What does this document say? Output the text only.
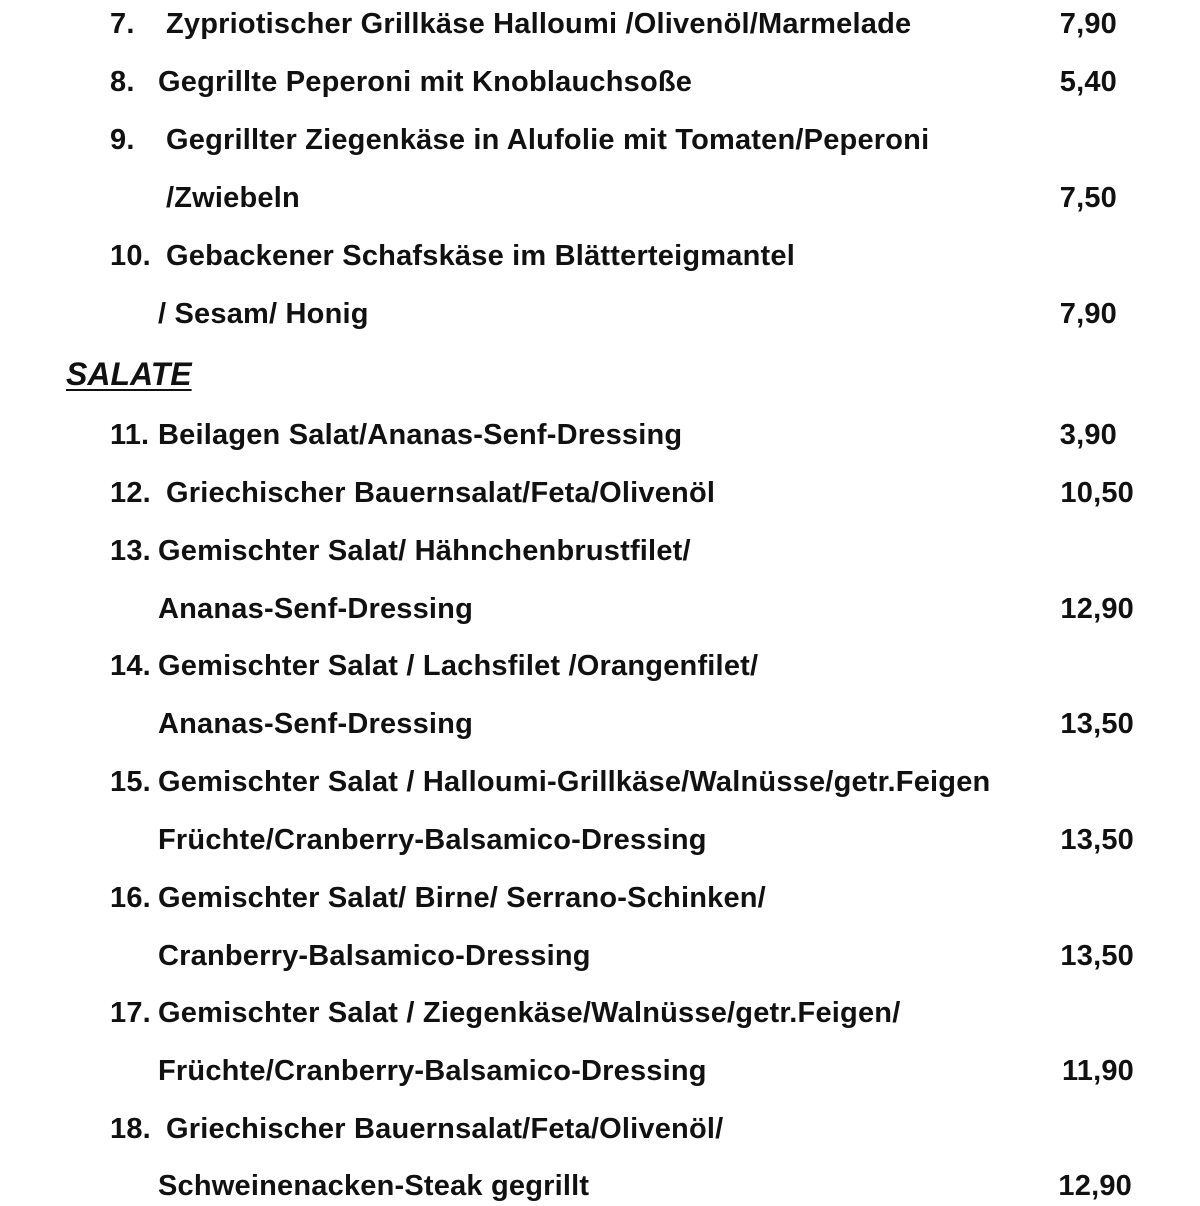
7. Zypriotischer Grillkäse Halloumi /Olivenöl/Marmelade	7,90
8. Gegrillte Peperoni mit Knoblauchsoße	5,40
9. Gegrillter Ziegenkäse in Alufolie mit Tomaten/Peperoni
/Zwiebeln	7,50
10. Gebackener Schafskäse im Blätterteigmantel
/ Sesam/ Honig	7,90
SALATE
11. Beilagen Salat/Ananas-Senf-Dressing	3,90
12. Griechischer Bauernsalat/Feta/Olivenöl	10,50
13. Gemischter Salat/ Hähnchenbrustfilet/
Ananas-Senf-Dressing	12,90
14. Gemischter Salat / Lachsfilet /Orangenfilet/
Ananas-Senf-Dressing	13,50
15. Gemischter Salat / Halloumi-Grillkäse/Walnüsse/getr.Feigen
Früchte/Cranberry-Balsamico-Dressing	13,50
16. Gemischter Salat/ Birne/ Serrano-Schinken/
Cranberry-Balsamico-Dressing	13,50
17. Gemischter Salat / Ziegenkäse/Walnüsse/getr.Feigen/
Früchte/Cranberry-Balsamico-Dressing	11,90
18. Griechischer Bauernsalat/Feta/Olivenöl/
Schweinenacken-Steak gegrillt	12,90
